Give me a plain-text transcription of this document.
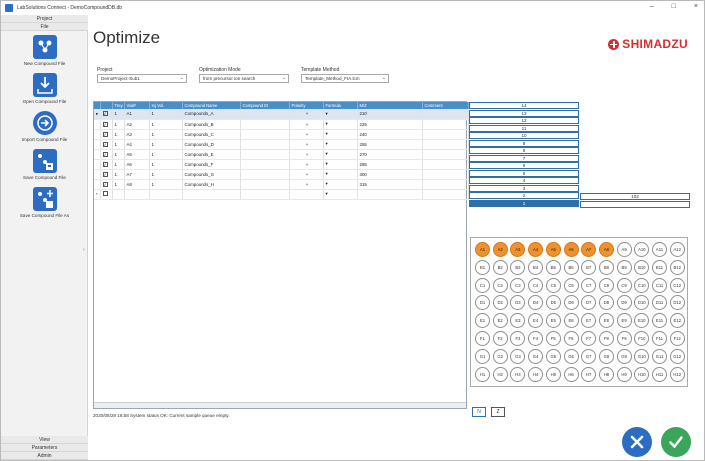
LabSolutions Connect - DemoCompoundDB.db	–	□	×
Project
File
New Compound File
Open Compound File
Import Compound File
Save Compound File
Save Compound File As
‹
View
Parameters
Admin
Optimize	SHIMADZU
Project
DemoProject-Sub1	⌄
Optimization Mode
from precursor ion search	⌄
Template Method
Template_Method_FIA.lcm	⌄
		Trey	Vial#	Inj Vol.	Compound Name	Compound ID	Polarity	Formula	M/Z	Comment
▸	✓	1	A1	1	Compounds_A		+	▾	210	
	✓	1	A2	1	Compounds_B		+	▾	225	
	✓	1	A3	1	Compounds_C		+	▾	240	
	✓	1	A4	1	Compounds_D		+	▾	255	
	✓	1	A5	1	Compounds_E		+	▾	270	
	✓	1	A6	1	Compounds_F		+	▾	285	
	✓	1	A7	1	Compounds_G		+	▾	300	
	✓	1	A8	1	Compounds_H		+	▾	315	
*								▾		
2020/08/28 16:58 System status OK: Current sample queue empty.
14
13
12
11
10
9
8
7
6
5
4
3
2	102
1	101
A1	A2	A3	A4	A5	A6	A7	A8	A9	A10	A11	A12
B1	B2	B3	B4	B5	B6	B7	B8	B9	B10	B11	B12
C1	C2	C3	C4	C5	C6	C7	C8	C9	C10	C11	C12
D1	D2	D3	D4	D5	D6	D7	D8	D9	D10	D11	D12
E1	E2	E3	E4	E5	E6	E7	E8	E9	E10	E11	E12
F1	F2	F3	F4	F5	F6	F7	F8	F9	F10	F11	F12
G1	G2	G3	G4	G5	G6	G7	G8	G9	G10	G11	G12
H1	H2	H3	H4	H5	H6	H7	H8	H9	H10	H11	H12
N	Z
